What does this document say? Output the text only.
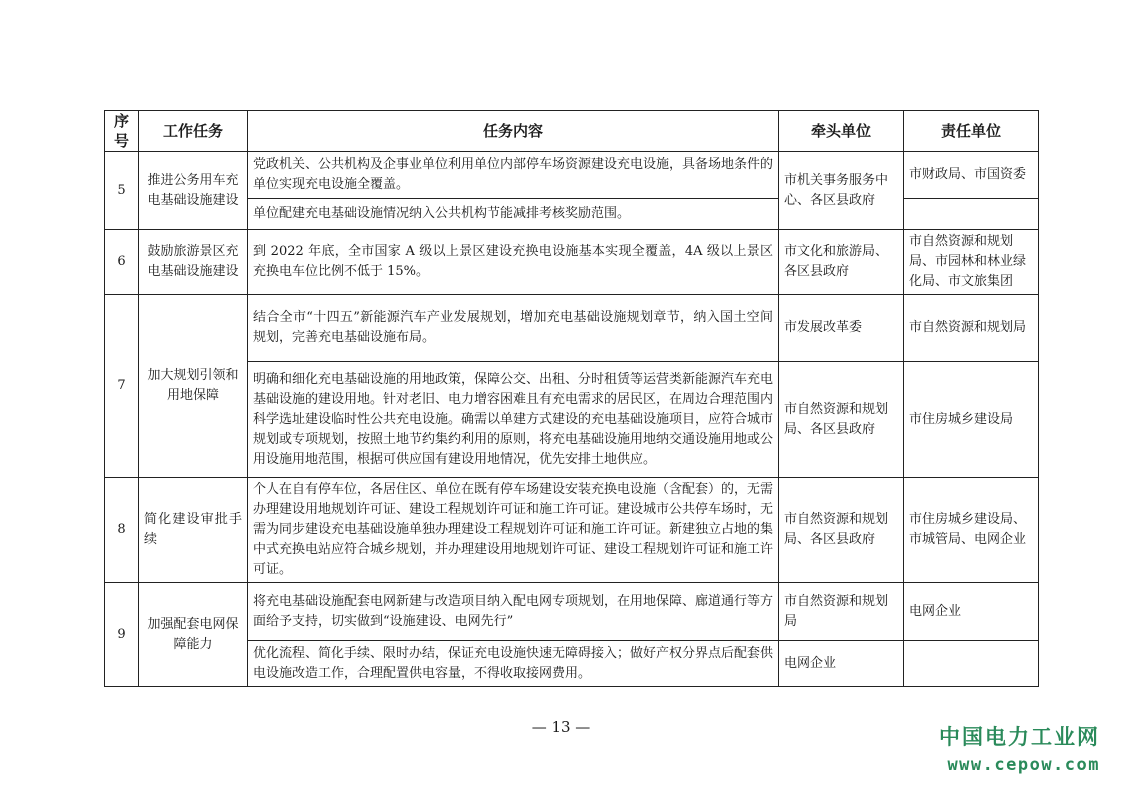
序号	工作任务	任务内容	牵头单位	责任单位
5	推进公务用车充电基础设施建设	党政机关、公共机构及企事业单位利用单位内部停车场资源建设充电设施，具备场地条件的单位实现充电设施全覆盖。	市机关事务服务中心、各区县政府	市财政局、市国资委
		单位配建充电基础设施情况纳入公共机构节能减排考核奖励范围。		
6	鼓励旅游景区充电基础设施建设	到 2022 年底，全市国家 A 级以上景区建设充换电设施基本实现全覆盖，4A 级以上景区充换电车位比例不低于 15%。	市文化和旅游局、各区县政府	市自然资源和规划局、市园林和林业绿化局、市文旅集团
7	加大规划引领和用地保障	结合全市“十四五”新能源汽车产业发展规划，增加充电基础设施规划章节，纳入国土空间规划，完善充电基础设施布局。	市发展改革委	市自然资源和规划局
		明确和细化充电基础设施的用地政策，保障公交、出租、分时租赁等运营类新能源汽车充电基础设施的建设用地。针对老旧、电力增容困难且有充电需求的居民区，在周边合理范围内科学选址建设临时性公共充电设施。确需以单建方式建设的充电基础设施项目，应符合城市规划或专项规划，按照土地节约集约利用的原则，将充电基础设施用地纳交通设施用地或公用设施用地范围，根据可供应国有建设用地情况，优先安排土地供应。	市自然资源和规划局、各区县政府	市住房城乡建设局
8	简化建设审批手续	个人在自有停车位，各居住区、单位在既有停车场建设安装充换电设施（含配套）的，无需办理建设用地规划许可证、建设工程规划许可证和施工许可证。建设城市公共停车场时，无需为同步建设充电基础设施单独办理建设工程规划许可证和施工许可证。新建独立占地的集中式充换电站应符合城乡规划，并办理建设用地规划许可证、建设工程规划许可证和施工许可证。	市自然资源和规划局、各区县政府	市住房城乡建设局、市城管局、电网企业
9	加强配套电网保障能力	将充电基础设施配套电网新建与改造项目纳入配电网专项规划，在用地保障、廊道通行等方面给予支持，切实做到“设施建设、电网先行”	市自然资源和规划局	电网企业
		优化流程、简化手续、限时办结，保证充电设施快速无障碍接入；做好产权分界点后配套供电设施改造工作，合理配置供电容量，不得收取接网费用。	电网企业	
— 13 —	中国电力工业网
www.cepow.com
